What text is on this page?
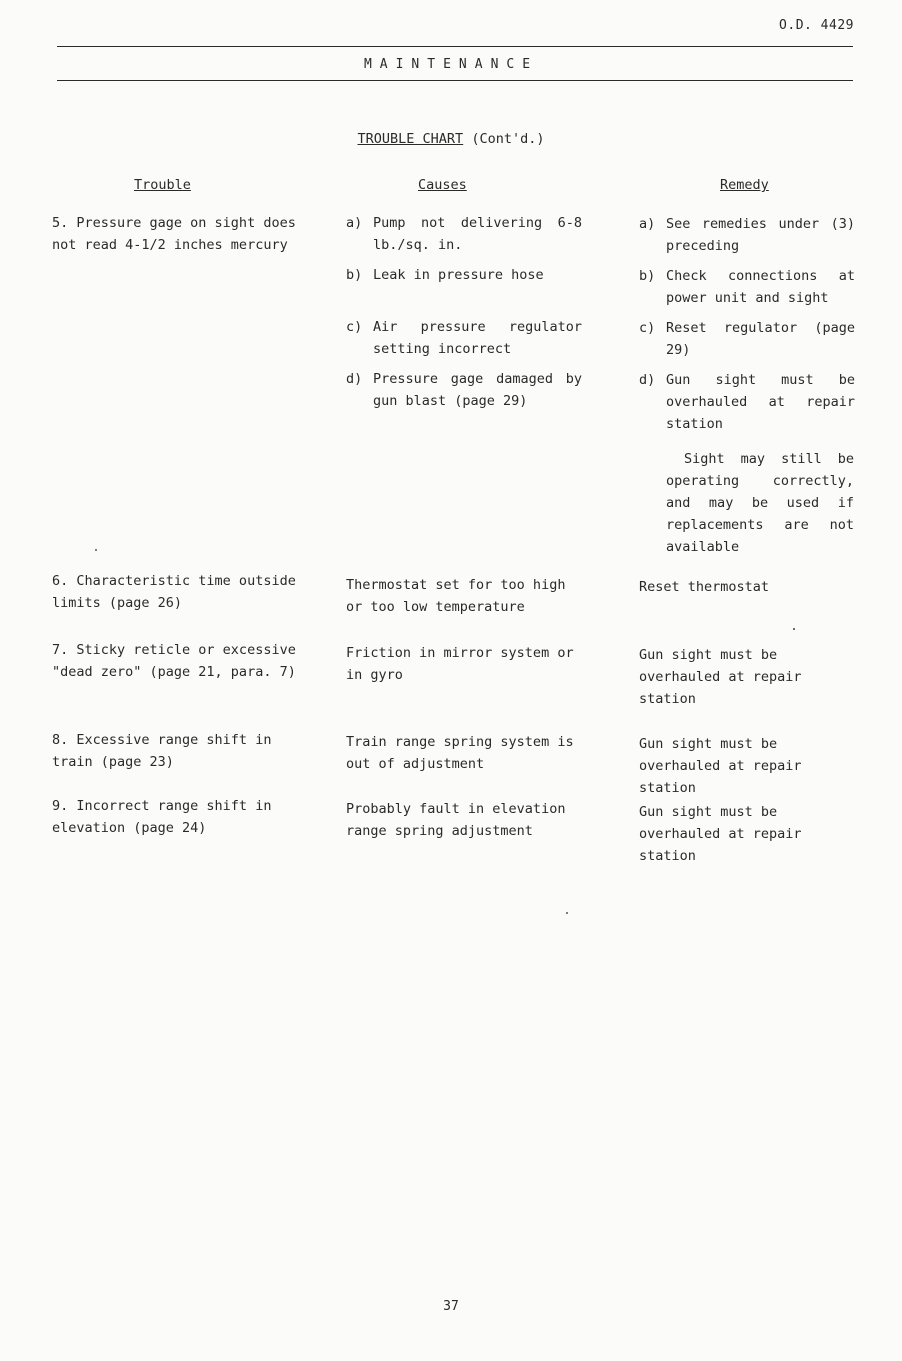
O.D. 4429
MAINTENANCE
TROUBLE CHART (Cont'd.)
Trouble	Causes	Remedy
5. Pressure gage on sight does not read 4-1/2 inches mercury
a) Pump not delivering 6-8 lb./sq. in.
b) Leak in pressure hose
c) Air pressure regulator setting incorrect
d) Pressure gage damaged by gun blast (page 29)
a) See remedies under (3) preceding
b) Check connections at power unit and sight
c) Reset regulator (page 29)
d) Gun sight must be overhauled at repair station
Sight may still be operating correctly, and may be used if replacements are not available
6. Characteristic time outside limits (page 26)
Thermostat set for too high or too low temperature
Reset thermostat
7. Sticky reticle or excessive "dead zero" (page 21, para. 7)
Friction in mirror system or in gyro
Gun sight must be overhauled at repair station
8. Excessive range shift in train (page 23)
Train range spring system is out of adjustment
Gun sight must be overhauled at repair station
9. Incorrect range shift in elevation (page 24)
Probably fault in elevation range spring adjustment
Gun sight must be overhauled at repair station
37
